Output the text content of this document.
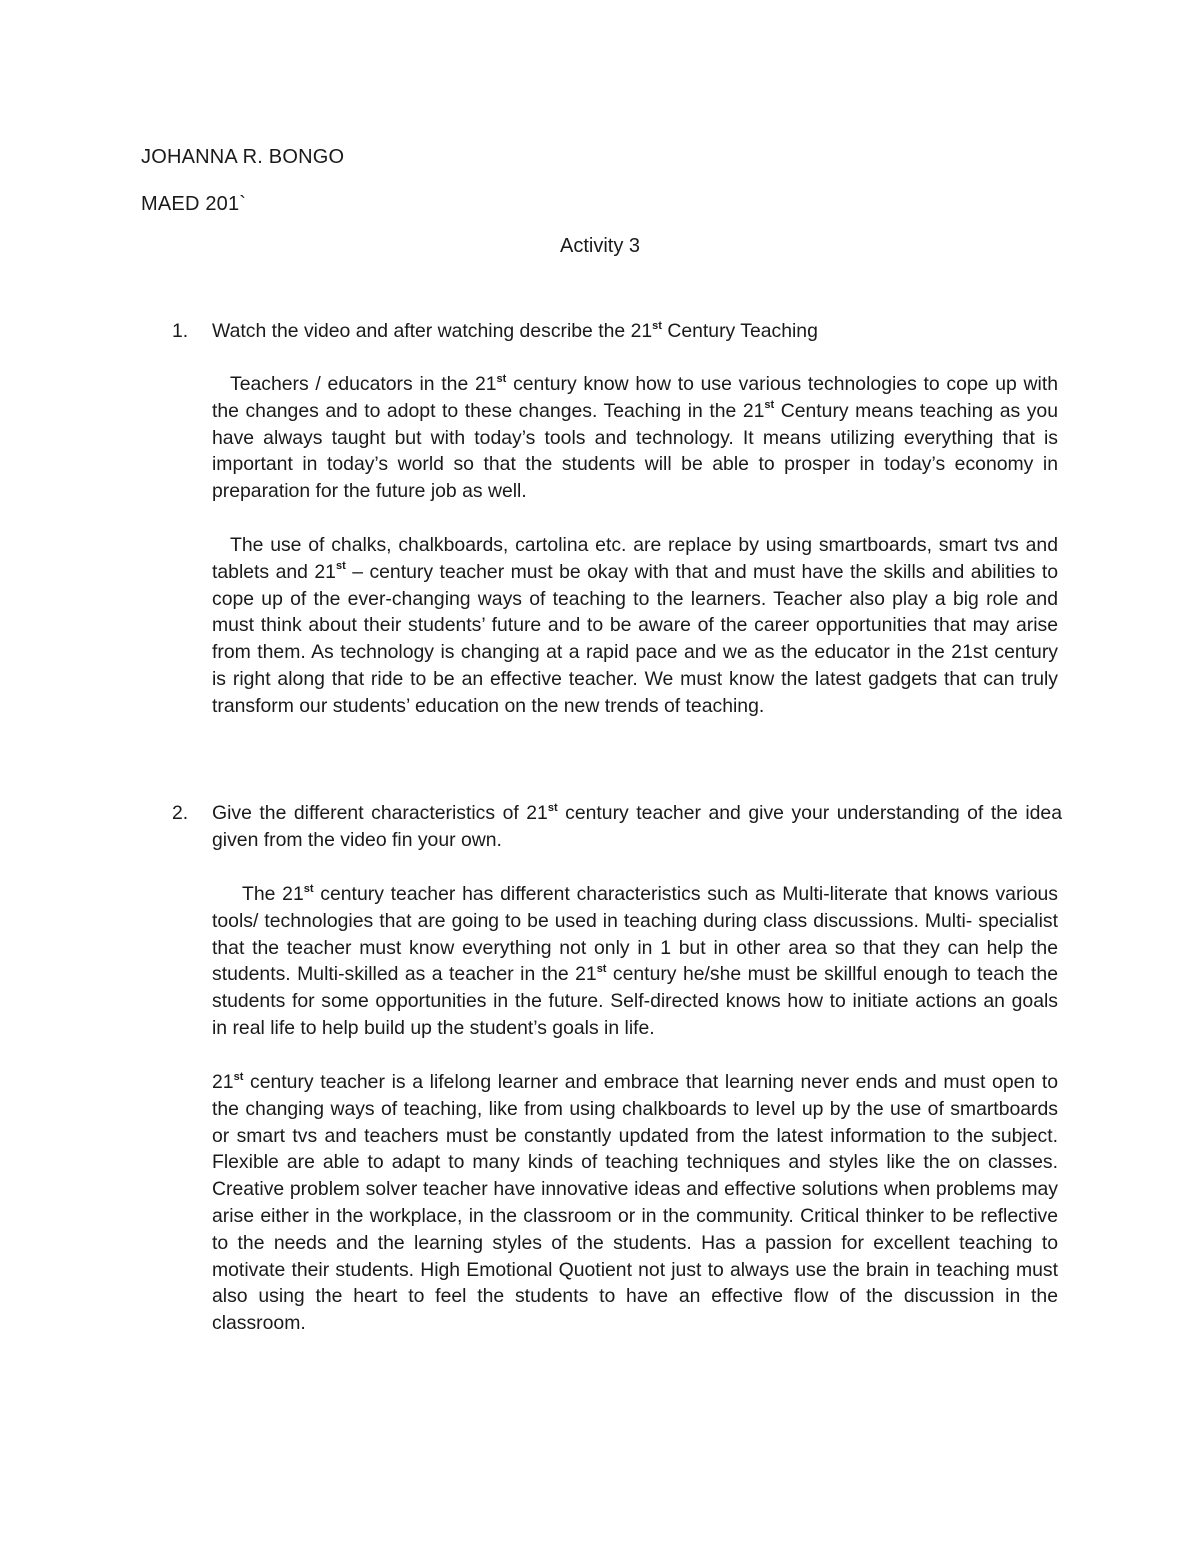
JOHANNA R. BONGO
MAED 201`
Activity 3
1. Watch the video and after watching describe the 21st Century Teaching

Teachers / educators in the 21st century know how to use various technologies to cope up with the changes and to adopt to these changes. Teaching in the 21st Century means teaching as you have always taught but with today’s tools and technology. It means utilizing everything that is important in today’s world so that the students will be able to prosper in today’s economy in preparation for the future job as well.

The use of chalks, chalkboards, cartolina etc. are replace by using smartboards, smart tvs and tablets and 21st – century teacher must be okay with that and must have the skills and abilities to cope up of the ever-changing ways of teaching to the learners. Teacher also play a big role and must think about their students’ future and to be aware of the career opportunities that may arise from them. As technology is changing at a rapid pace and we as the educator in the 21st century is right along that ride to be an effective teacher. We must know the latest gadgets that can truly transform our students’ education on the new trends of teaching.

2. Give the different characteristics of 21st century teacher and give your understanding of the idea given from the video fin your own.

The 21st century teacher has different characteristics such as Multi-literate that knows various tools/ technologies that are going to be used in teaching during class discussions. Multi- specialist that the teacher must know everything not only in 1 but in other area so that they can help the students. Multi-skilled as a teacher in the 21st century he/she must be skillful enough to teach the students for some opportunities in the future. Self-directed knows how to initiate actions an goals in real life to help build up the student’s goals in life.

21st century teacher is a lifelong learner and embrace that learning never ends and must open to the changing ways of teaching, like from using chalkboards to level up by the use of smartboards or smart tvs and teachers must be constantly updated from the latest information to the subject. Flexible are able to adapt to many kinds of teaching techniques and styles like the on classes. Creative problem solver teacher have innovative ideas and effective solutions when problems may arise either in the workplace, in the classroom or in the community. Critical thinker to be reflective to the needs and the learning styles of the students. Has a passion for excellent teaching to motivate their students. High Emotional Quotient not just to always use the brain in teaching must also using the heart to feel the students to have an effective flow of the discussion in the classroom.
